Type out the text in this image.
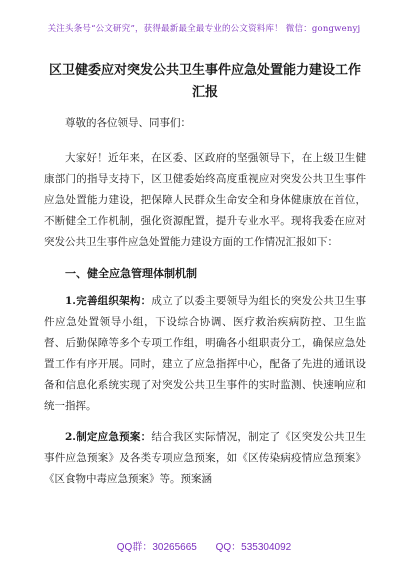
关注头条号“公文研究”，获得最新最全最专业的公文资料库！ 微信：gongwenyj
区卫健委应对突发公共卫生事件应急处置能力建设工作汇报
尊敬的各位领导、同事们：
大家好！近年来，在区委、区政府的坚强领导下，在上级卫生健康部门的指导支持下，区卫健委始终高度重视应对突发公共卫生事件应急处置能力建设，把保障人民群众生命安全和身体健康放在首位，不断健全工作机制，强化资源配置，提升专业水平。现将我委在应对突发公共卫生事件应急处置能力建设方面的工作情况汇报如下：
一、健全应急管理体制机制
1.完善组织架构：成立了以委主要领导为组长的突发公共卫生事件应急处置领导小组，下设综合协调、医疗救治疾病防控、卫生监督、后勤保障等多个专项工作组，明确各小组职责分工，确保应急处置工作有序开展。同时，建立了应急指挥中心，配备了先进的通讯设备和信息化系统实现了对突发公共卫生事件的实时监测、快速响应和统一指挥。
2.制定应急预案：结合我区实际情况，制定了《区突发公共卫生事件应急预案》及各类专项应急预案，如《区传染病疫情应急预案》《区食物中毒应急预案》等。预案涵
QQ群：30265665 QQ：535304092
